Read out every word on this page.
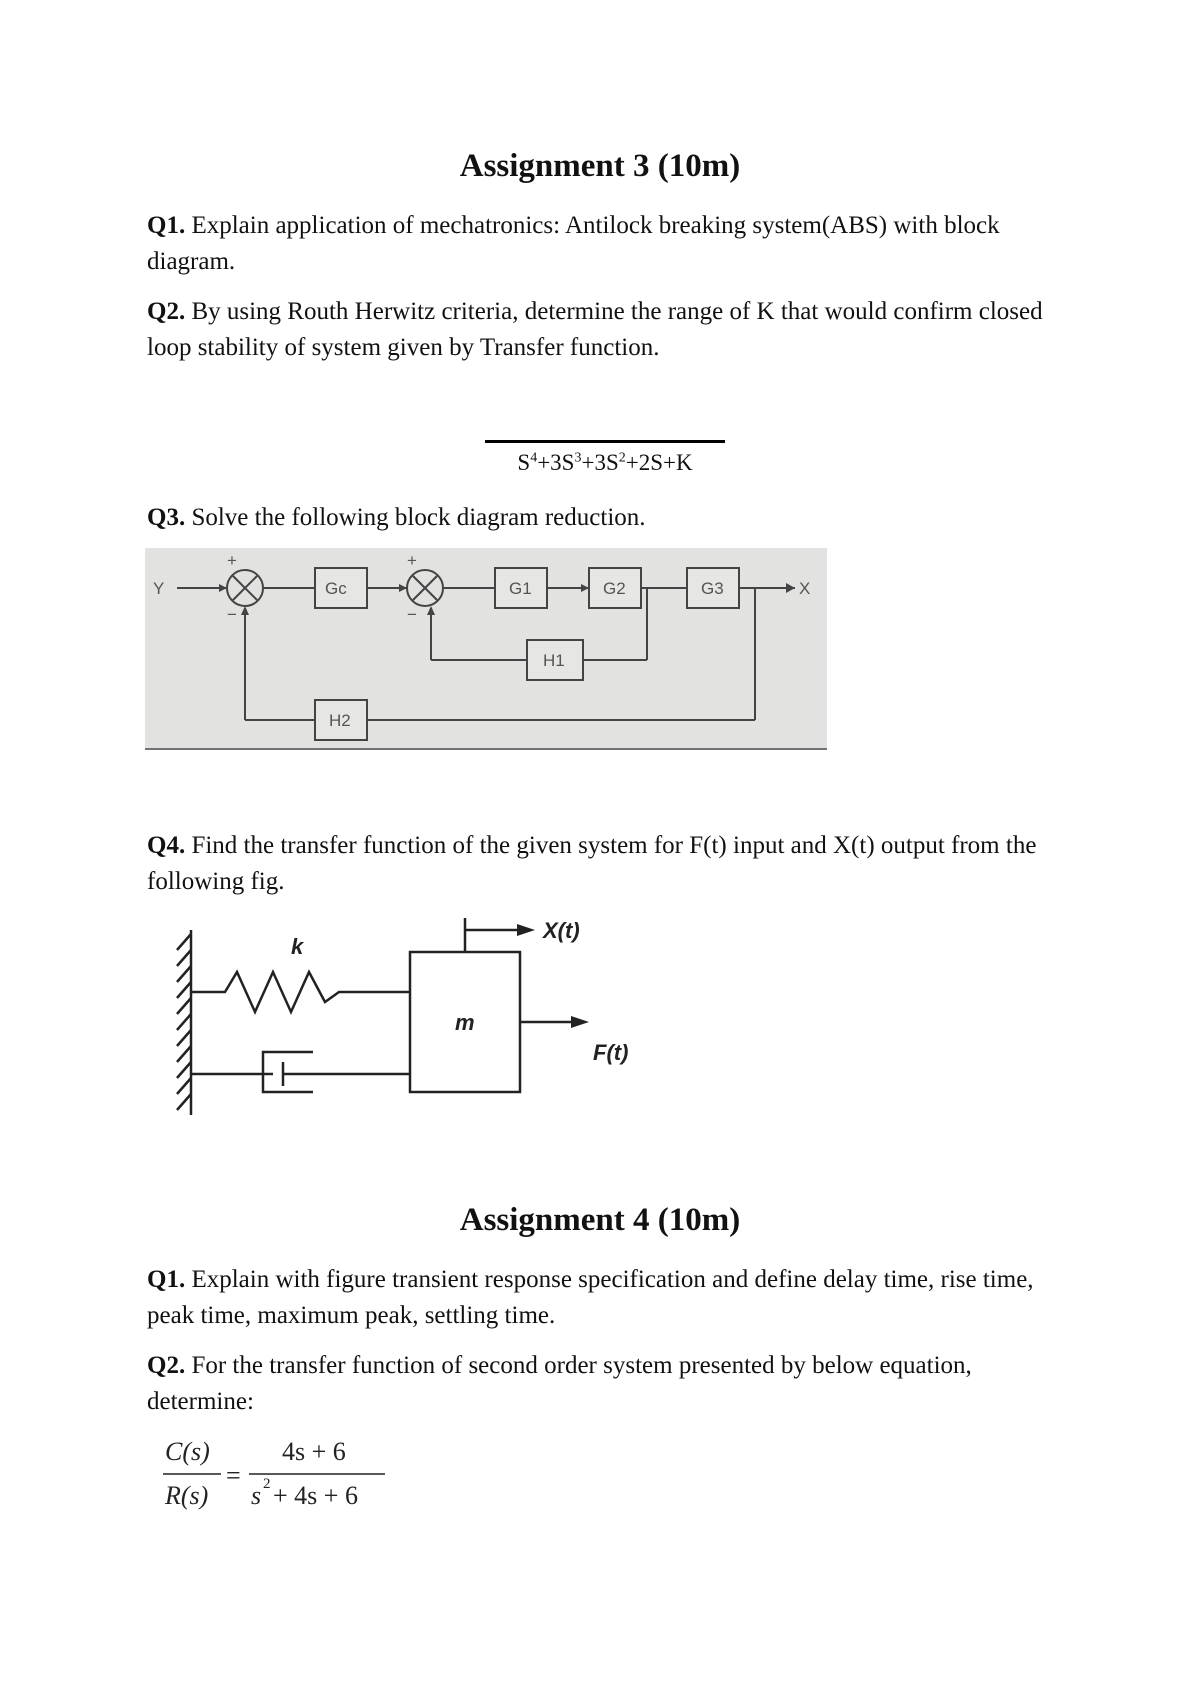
Assignment 3 (10m)
Q1. Explain application of mechatronics: Antilock breaking system(ABS) with block diagram.
Q2. By using Routh Herwitz criteria, determine the range of K that would confirm closed loop stability of system given by Transfer function.
$S^4+3S^3+3S^2+2S+K$
Q3. Solve the following block diagram reduction.
Y	X
Gc	G1	G2	G3
H1
H2
+
−
+
−
Q4. Find the transfer function of the given system for F(t) input and X(t) output from the following fig.
k
m
X(t)
F(t)
Assignment 4 (10m)
Q1. Explain with figure transient response specification and define delay time, rise time, peak time, maximum peak, settling time.
Q2. For the transfer function of second order system presented by below equation, determine:
C(s)
R(s)
=
4s + 6
s 2 + 4s + 6
